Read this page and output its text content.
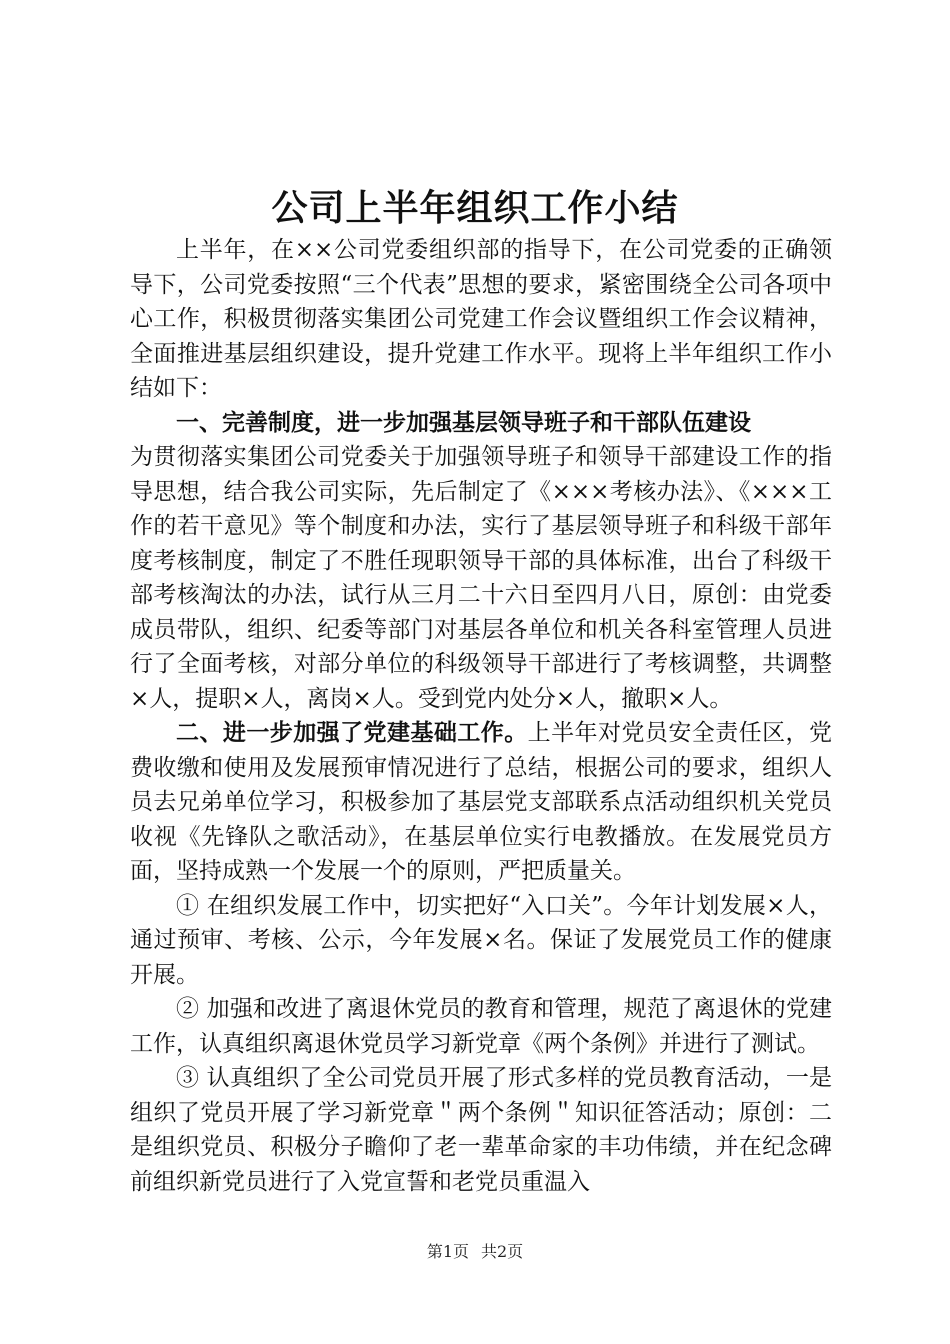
公司上半年组织工作小结

上半年，在××公司党委组织部的指导下，在公司党委的正确领导下，公司党委按照“三个代表”思想的要求，紧密围绕全公司各项中心工作，积极贯彻落实集团公司党建工作会议暨组织工作会议精神，全面推进基层组织建设，提升党建工作水平。现将上半年组织工作小结如下：

一、完善制度，进一步加强基层领导班子和干部队伍建设

为贯彻落实集团公司党委关于加强领导班子和领导干部建设工作的指导思想，结合我公司实际，先后制定了《×××考核办法》、《×××工作的若干意见》等个制度和办法，实行了基层领导班子和科级干部年度考核制度，制定了不胜任现职领导干部的具体标准，出台了科级干部考核淘汰的办法，试行从三月二十六日至四月八日，原创：由党委成员带队，组织、纪委等部门对基层各单位和机关各科室管理人员进行了全面考核，对部分单位的科级领导干部进行了考核调整，共调整×人，提职×人，离岗×人。受到党内处分×人，撤职×人。

二、进一步加强了党建基础工作。上半年对党员安全责任区，党费收缴和使用及发展预审情况进行了总结，根据公司的要求，组织人员去兄弟单位学习，积极参加了基层党支部联系点活动组织机关党员收视《先锋队之歌活动》，在基层单位实行电教播放。在发展党员方面，坚持成熟一个发展一个的原则，严把质量关。

① 在组织发展工作中，切实把好“入口关”。今年计划发展×人，通过预审、考核、公示，今年发展×名。保证了发展党员工作的健康开展。

② 加强和改进了离退休党员的教育和管理，规范了离退休的党建工作，认真组织离退休党员学习新党章《两个条例》并进行了测试。

③ 认真组织了全公司党员开展了形式多样的党员教育活动，一是组织了党员开展了学习新党章＂两个条例＂知识征答活动；原创：二是组织党员、积极分子瞻仰了老一辈革命家的丰功伟绩，并在纪念碑前组织新党员进行了入党宣誓和老党员重温入

第1页 共2页
